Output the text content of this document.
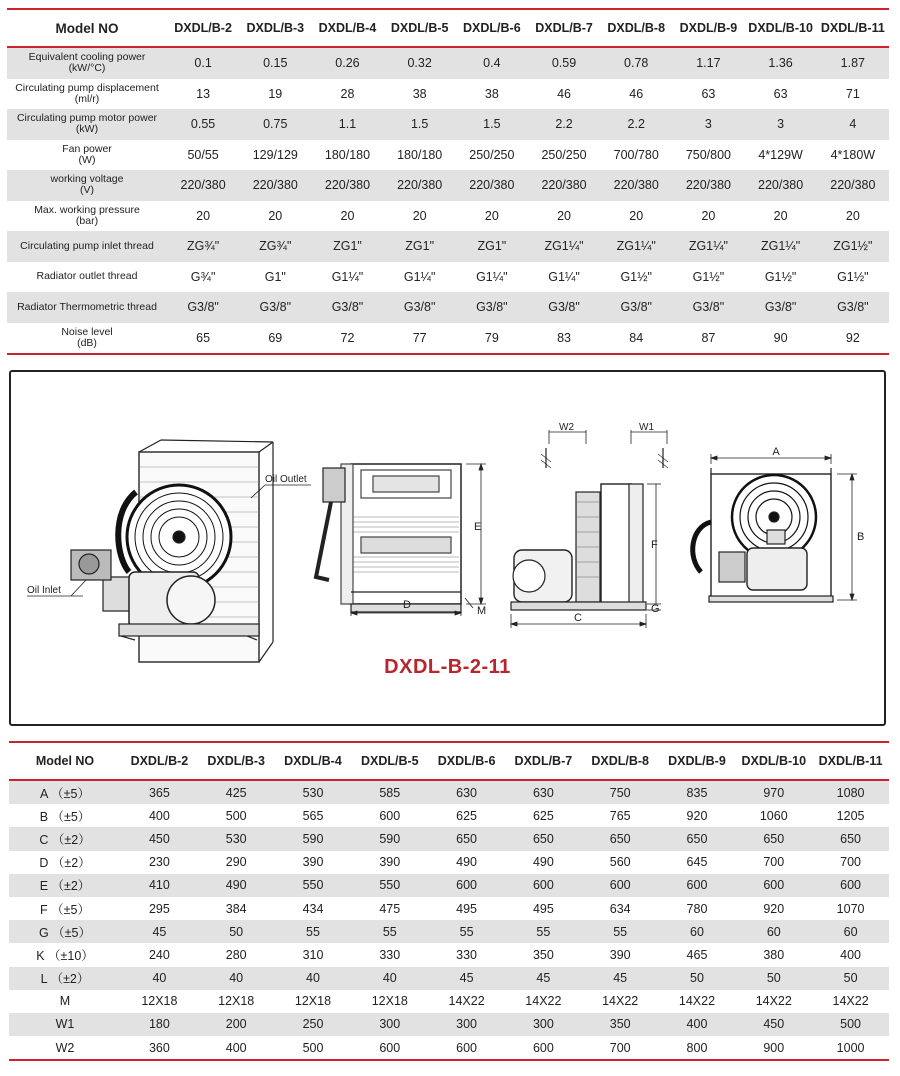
Model NO	DXDL/B-2	DXDL/B-3	DXDL/B-4	DXDL/B-5	DXDL/B-6	DXDL/B-7	DXDL/B-8	DXDL/B-9	DXDL/B-10	DXDL/B-11
Equivalent cooling power
(kW/°C)	0.1	0.15	0.26	0.32	0.4	0.59	0.78	1.17	1.36	1.87
Circulating pump displacement
(ml/r)	13	19	28	38	38	46	46	63	63	71
Circulating pump motor power
(kW)	0.55	0.75	1.1	1.5	1.5	2.2	2.2	3	3	4
Fan power
(W)	50/55	129/129	180/180	180/180	250/250	250/250	700/780	750/800	4*129W	4*180W
working voltage
(V)	220/380	220/380	220/380	220/380	220/380	220/380	220/380	220/380	220/380	220/380
Max. working pressure
(bar)	20	20	20	20	20	20	20	20	20	20
Circulating pump inlet thread	ZG¾"	ZG¾"	ZG1"	ZG1"	ZG1"	ZG1¼"	ZG1¼"	ZG1¼"	ZG1¼"	ZG1½"
Radiator outlet thread	G¾"	G1"	G1¼"	G1¼"	G1¼"	G1¼"	G1½"	G1½"	G1½"	G1½"
Radiator Thermometric thread	G3/8"	G3/8"	G3/8"	G3/8"	G3/8"	G3/8"	G3/8"	G3/8"	G3/8"	G3/8"
Noise level
(dB)	65	69	72	77	79	83	84	87	90	92
Oil Inlet
Oil Outlet
D
E
M
W2	W1
C
F
G
A
B
DXDL-B-2-11
Model NO	DXDL/B-2	DXDL/B-3	DXDL/B-4	DXDL/B-5	DXDL/B-6	DXDL/B-7	DXDL/B-8	DXDL/B-9	DXDL/B-10	DXDL/B-11
A （±5）	365	425	530	585	630	630	750	835	970	1080
B （±5）	400	500	565	600	625	625	765	920	1060	1205
C （±2）	450	530	590	590	650	650	650	650	650	650
D （±2）	230	290	390	390	490	490	560	645	700	700
E （±2）	410	490	550	550	600	600	600	600	600	600
F （±5）	295	384	434	475	495	495	634	780	920	1070
G （±5）	45	50	55	55	55	55	55	60	60	60
K （±10）	240	280	310	330	330	350	390	465	380	400
L （±2）	40	40	40	40	45	45	45	50	50	50
M	12X18	12X18	12X18	12X18	14X22	14X22	14X22	14X22	14X22	14X22
W1	180	200	250	300	300	300	350	400	450	500
W2	360	400	500	600	600	600	700	800	900	1000
